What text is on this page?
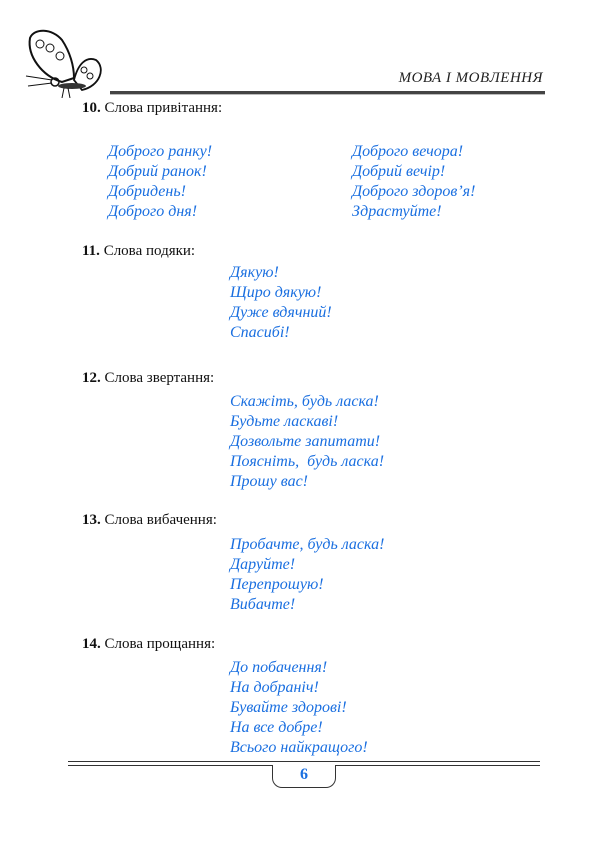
МОВА І МОВЛЕННЯ
10. Слова привітання:
Доброго ранку!
Добрий ранок!
Добридень!
Доброго дня!
Доброго вечора!
Добрий вечір!
Доброго здоров’я!
Здрастуйте!
11. Слова подяки:
Дякую!
Щиро дякую!
Дуже вдячний!
Спасибі!
12. Слова звертання:
Скажіть, будь ласка!
Будьте ласкаві!
Дозвольте запитати!
Поясніть,  будь ласка!
Прошу вас!
13. Слова вибачення:
Пробачте, будь ласка!
Даруйте!
Перепрошую!
Вибачте!
14. Слова прощання:
До побачення!
На добраніч!
Бувайте здорові!
На все добре!
Всього найкращого!
6
